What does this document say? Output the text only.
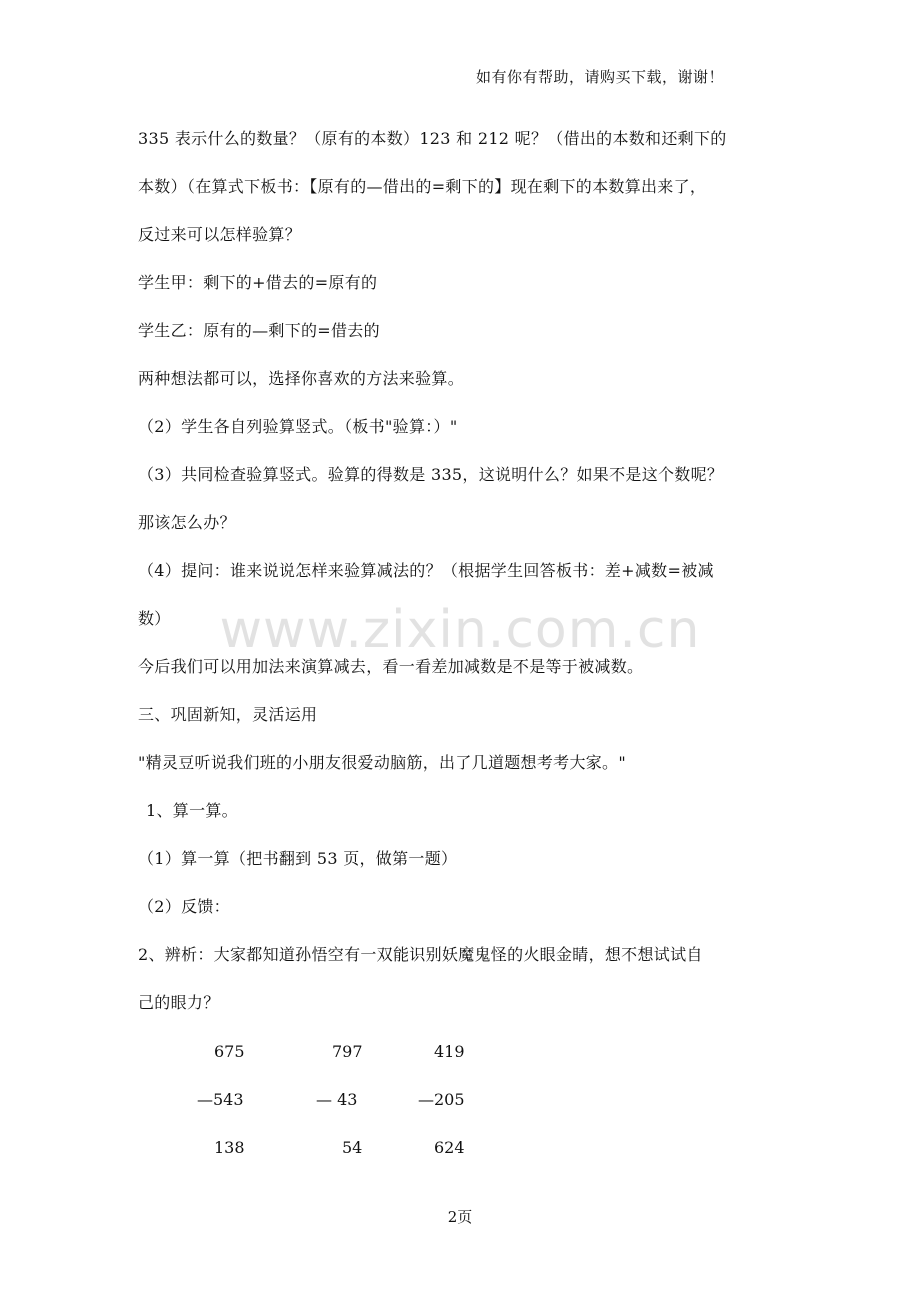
如有你有帮助，请购买下载，谢谢！
335 表示什么的数量？（原有的本数）123 和 212 呢？（借出的本数和还剩下的
本数）（在算式下板书：【原有的—借出的=剩下的】现在剩下的本数算出来了，
反过来可以怎样验算？
学生甲：剩下的+借去的=原有的
学生乙：原有的—剩下的=借去的
两种想法都可以，选择你喜欢的方法来验算。
（2）学生各自列验算竖式。（板书"验算：）"
（3）共同检查验算竖式。验算的得数是 335，这说明什么？如果不是这个数呢？
那该怎么办？
（4）提问：谁来说说怎样来验算减法的？（根据学生回答板书：差+减数=被减
数）
今后我们可以用加法来演算减去，看一看差加减数是不是等于被减数。
三、巩固新知，灵活运用
"精灵豆听说我们班的小朋友很爱动脑筋，出了几道题想考考大家。"
1、算一算。
（1）算一算（把书翻到 53 页，做第一题）
（2）反馈：
2、辨析：大家都知道孙悟空有一双能识别妖魔鬼怪的火眼金睛，想不想试试自
己的眼力？
www.zixin.com.cn
675
—543
138
797
— 43
54
419
—205
624
2页
